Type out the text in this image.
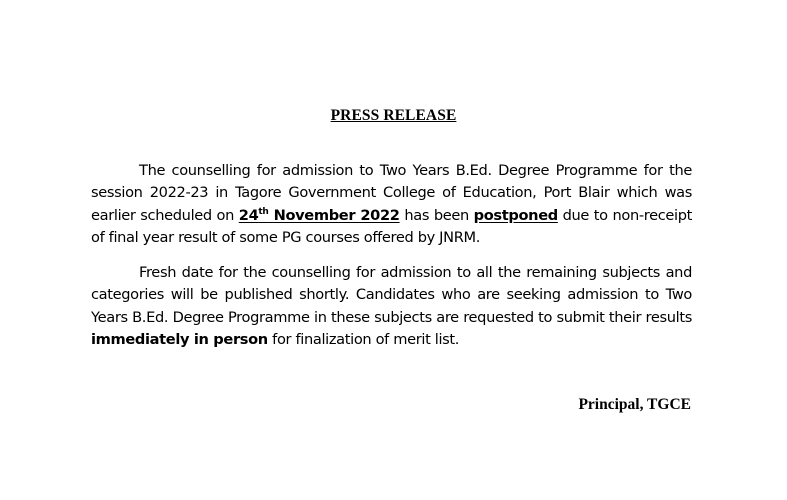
PRESS RELEASE

The counselling for admission to Two Years B.Ed. Degree Programme for the session 2022-23 in Tagore Government College of Education, Port Blair which was earlier scheduled on 24th November 2022 has been postponed due to non-receipt of final year result of some PG courses offered by JNRM.

Fresh date for the counselling for admission to all the remaining subjects and categories will be published shortly. Candidates who are seeking admission to Two Years B.Ed. Degree Programme in these subjects are requested to submit their results immediately in person for finalization of merit list.

Principal, TGCE
